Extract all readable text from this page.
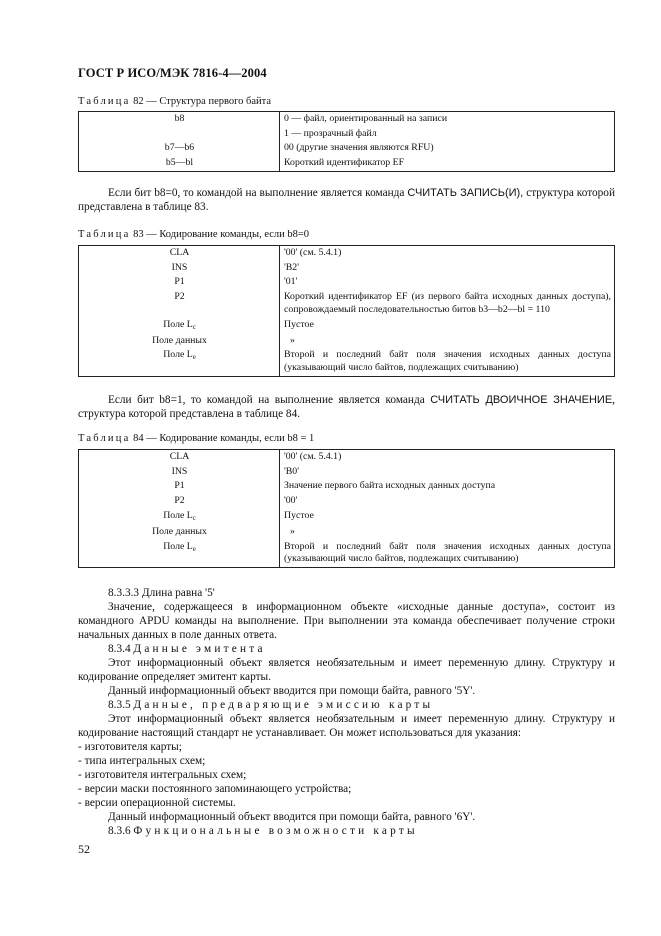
ГОСТ Р ИСО/МЭК 7816-4—2004
Таблица 82 — Структура первого байта
b8	0 — файл, ориентированный на записи
	1 — прозрачный файл
b7—b6	00 (другие значения являются RFU)
b5—bl	Короткий идентификатор EF
Если бит b8=0, то командой на выполнение является команда СЧИТАТЬ ЗАПИСЬ(И), структура которой представлена в таблице 83.
Таблица 83 — Кодирование команды, если b8=0
CLA	'00' (см. 5.4.1)
INS	'B2'
P1	'01'
P2	Короткий идентификатор EF (из первого байта исходных данных доступа), сопровождаемый последовательностью битов b3—b2—bl = 110
Поле $L_c$	Пустое
Поле данных	»
Поле $L_e$	Второй и последний байт поля значения исходных данных доступа (указывающий число байтов, подлежащих считыванию)
Если бит b8=1, то командой на выполнение является команда СЧИТАТЬ ДВОИЧНОЕ ЗНАЧЕНИЕ, структура которой представлена в таблице 84.
Таблица 84 — Кодирование команды, если b8 = 1
CLA	'00' (см. 5.4.1)
INS	'B0'
P1	Значение первого байта исходных данных доступа
P2	'00'
Поле $L_c$	Пустое
Поле данных	»
Поле $L_e$	Второй и последний байт поля значения исходных данных доступа (указывающий число байтов, подлежащих считыванию)
8.3.3.3 Длина равна '5'
Значение, содержащееся в информационном объекте «исходные данные доступа», состоит из командного APDU команды на выполнение. При выполнении эта команда обеспечивает получение строки начальных данных в поле данных ответа.
8.3.4 Данные эмитента
Этот информационный объект является необязательным и имеет переменную длину. Структуру и кодирование определяет эмитент карты.
Данный информационный объект вводится при помощи байта, равного '5Y'.
8.3.5 Данные, предваряющие эмиссию карты
Этот информационный объект является необязательным и имеет переменную длину. Структуру и кодирование настоящий стандарт не устанавливает. Он может использоваться для указания:
- изготовителя карты;
- типа интегральных схем;
- изготовителя интегральных схем;
- версии маски постоянного запоминающего устройства;
- версии операционной системы.
Данный информационный объект вводится при помощи байта, равного '6Y'.
8.3.6 Функциональные возможности карты
52
